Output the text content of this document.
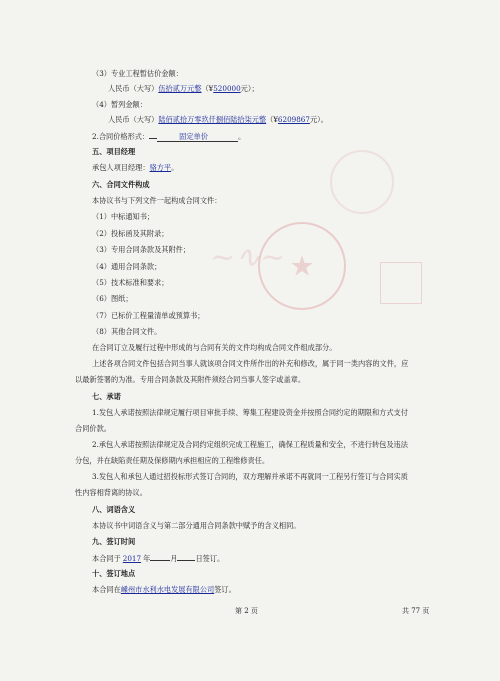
★
~∿~
（3）专业工程暂估价金额：
人民币（大写）伍拾贰万元整（¥520000元）；
（4）暂列金额：
人民币（大写）陆佰贰拾万零玖仟捌佰陆拾柒元整（¥6209867元）。
2.合同价格形式：	固定单价	。
五、项目经理
承包人项目经理：骆方平。
六、合同文件构成
本协议书与下列文件一起构成合同文件：
（1）中标通知书；
（2）投标函及其附录；
（3）专用合同条款及其附件；
（4）通用合同条款；
（5）技术标准和要求；
（6）图纸；
（7）已标价工程量清单或预算书；
（8）其他合同文件。
在合同订立及履行过程中形成的与合同有关的文件均构成合同文件组成部分。
上述各项合同文件包括合同当事人就该项合同文件所作出的补充和修改，属于同一类内容的文件，应
以最新签署的为准。专用合同条款及其附件须经合同当事人签字或盖章。
七、承诺
1.发包人承诺按照法律规定履行项目审批手续、筹集工程建设资金并按照合同约定的期限和方式支付
合同价款。
2.承包人承诺按照法律规定及合同约定组织完成工程施工，确保工程质量和安全，不进行转包及违法
分包，并在缺陷责任期及保修期内承担相应的工程维修责任。
3.发包人和承包人通过招投标形式签订合同的，双方理解并承诺不再就同一工程另行签订与合同实质
性内容相背离的协议。
八、词语含义
本协议书中词语含义与第二部分通用合同条款中赋予的含义相同。
九、签订时间
本合同于 2017 年	月	日签订。
十、签订地点
本合同在嵊州市水利水电发展有限公司签订。
第 2 页	共 77 页
